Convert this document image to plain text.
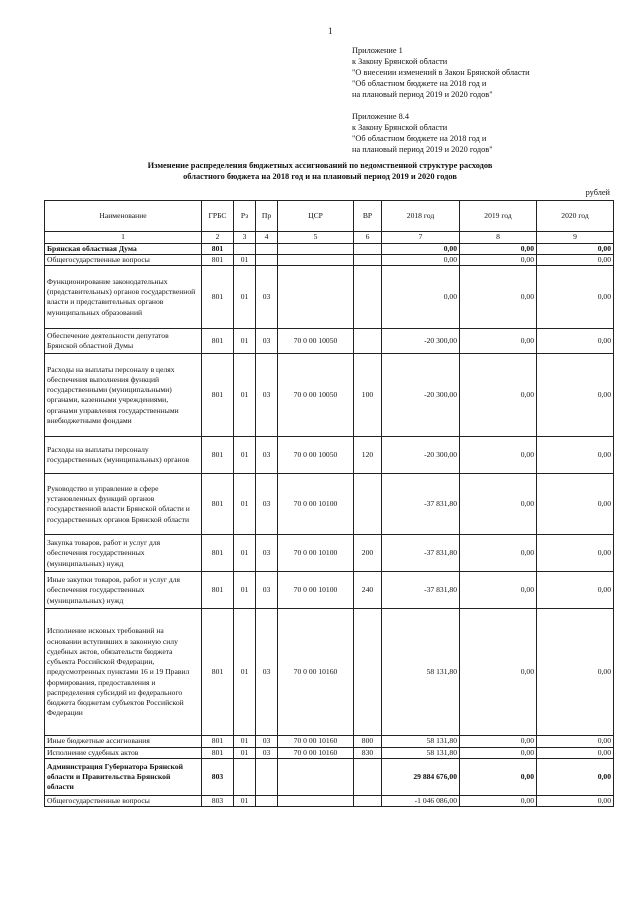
1
Приложение 1
к Закону Брянской области
"О внесении изменений в Закон Брянской области
"Об областном бюджете на 2018 год и
на плановый период 2019 и 2020 годов"
Приложение 8.4
к Закону Брянской области
"Об областном бюджете на 2018 год и
на плановый период 2019 и 2020 годов"
Изменение распределения бюджетных ассигнований по ведомственной структуре расходов
областного бюджета на 2018 год и на плановый период 2019 и 2020 годов
рублей
Наименование	ГРБС	Рз	Пр	ЦСР	ВР	2018 год	2019 год	2020 год
1	2	3	4	5	6	7	8	9
Брянская областная Дума	801					0,00	0,00	0,00
Общегосударственные вопросы	801	01				0,00	0,00	0,00
Функционирование законодательных (представительных) органов государственной власти и представительных органов муниципальных образований	801	01	03			0,00	0,00	0,00
Обеспечение деятельности депутатов Брянской областной Думы	801	01	03	70 0 00 10050		-20 300,00	0,00	0,00
Расходы на выплаты персоналу в целях обеспечения выполнения функций государственными (муниципальными) органами, казенными учреждениями, органами управления государственными внебюджетными фондами	801	01	03	70 0 00 10050	100	-20 300,00	0,00	0,00
Расходы на выплаты персоналу государственных (муниципальных) органов	801	01	03	70 0 00 10050	120	-20 300,00	0,00	0,00
Руководство и управление в сфере установленных функций органов государственной власти Брянской области и государственных органов Брянской области	801	01	03	70 0 00 10100		-37 831,80	0,00	0,00
Закупка товаров, работ и услуг для обеспечения государственных (муниципальных) нужд	801	01	03	70 0 00 10100	200	-37 831,80	0,00	0,00
Иные закупки товаров, работ и услуг для обеспечения государственных (муниципальных) нужд	801	01	03	70 0 00 10100	240	-37 831,80	0,00	0,00
Исполнение исковых требований на основании вступивших в законную силу судебных актов, обязательств бюджета субъекта Российской Федерации, предусмотренных пунктами 16 и 19 Правил формирования, предоставления и распределения субсидий из федерального бюджета бюджетам субъектов Российской Федерации	801	01	03	70 0 00 10160		58 131,80	0,00	0,00
Иные бюджетные ассигнования	801	01	03	70 0 00 10160	800	58 131,80	0,00	0,00
Исполнение судебных актов	801	01	03	70 0 00 10160	830	58 131,80	0,00	0,00
Администрация Губернатора Брянской области и Правительства Брянской области	803					29 884 676,00	0,00	0,00
Общегосударственные вопросы	803	01				-1 046 086,00	0,00	0,00
